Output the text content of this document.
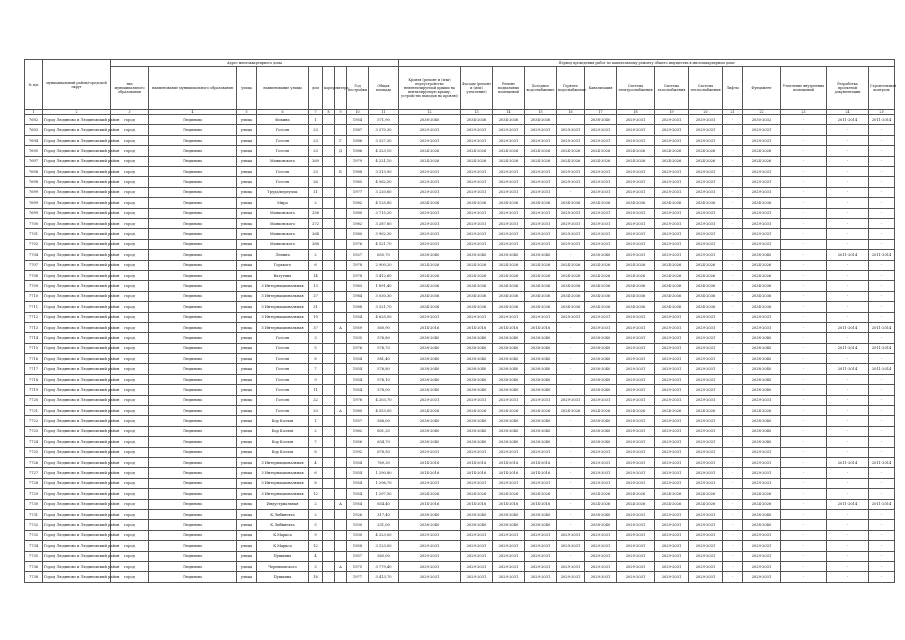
№ п/п	муниципальный район/городской округ	Адрес многоквартирного дома									Период проведения работ по капитальному ремонту общего имущества в многоквартирном доме													
		тип муниципального образования	наименование муниципального образования	улица	наименование улицы	дом	корпус	литера	Год постройки	Общая площадь	Кровля (ремонт и (или) переустройство невентилируемой крыши на вентилируемую крышу, устройство выходов на кровлю)	Фасады (ремонт и (или) утепление)	Ремонт подвальных помещений	Холодное водоснабжение	Горячее водоснабжение	Канализация	Система электроснабжения	Система газоснабжения	Система теплоснабжения	Лифты	Фундамент	Утепление внутренних помещений	Разработка проектной документации	Строительный контроль
1	2	3	4	5	6	7	8	9	10	11	12	13	14	15	16	17	18	19	20	21	22	23	24	25
7692	Город Людиново и Людиновский район	город	Людиново	улица	Фокина	1			1954	571,90	2038-2040	2034-2036	2034-2036	2034-2036	-	2038-2040	2029-2031	2029-2031	2029-2031	-	2030-2032	-	2011-2014	2011-2014
7693	Город Людиново и Людиновский район	город	Людиново	улица	Гоголя	23			1987	3 370,30	2029-2031	2029-2031	2029-2031	2029-2031	2029-2031	2029-2031	2029-2031	2029-2031	2029-2031	-	2029-2031	-	-	-
7694	Город Людиново и Людиновский район	город	Людиново	улица	Гоголя	23		Г	1986	3 327,30	2029-2031	2029-2031	2029-2031	2029-2031	2029-2031	2029-2031	2029-2031	2029-2031	2029-2031	-	2029-2031	-	-	-
7695	Город Людиново и Людиновский район	город	Людиново	улица	Гоголя	23		Д	1986	4 323,10	2024-2026	2024-2026	2024-2026	2024-2026	2024-2026	2024-2026	2024-2026	2024-2026	2024-2026	-	2024-2026	-	-	-
7697	Город Людиново и Людиновский район	город	Людиново	улица	Маяковского	269			1979	4 221,10	2024-2026	2024-2026	2024-2026	2024-2026	2024-2026	2024-2026	2024-2026	2024-2026	2024-2026	-	2024-2026	-	-	-
7698	Город Людиново и Людиновский район	город	Людиново	улица	Гоголя	23		Б	1988	3 313,90	2029-2031	2029-2031	2029-2031	2029-2031	2029-2031	2029-2031	2029-2031	2029-2031	2029-2031	-	2029-2031	-	-	-
7698	Город Людиново и Людиновский район	город	Людиново	улица	Гоголя	26			1985	4 062,50	2029-2031	2029-2031	2029-2031	2029-2031	2029-2031	2029-2031	2029-2031	2029-2031	2029-2031	-	2029-2031	-	-	-
7699	Город Людиново и Людиновский район	город	Людиново	улица	Труда/переулок	11			1977	3 220,80	2029-2031	2029-2031	2029-2031	2029-2031	-	2029-2031	2029-2031	2029-2031	2029-2031	-	2029-2031	-	-	-
7699	Город Людиново и Людиновский район	город	Людиново	улица	Мира	2			1982	4 125,80	2034-2036	2034-2036	2034-2036	2034-2036	2034-2036	2034-2036	2034-2036	2034-2036	2034-2036	-	2034-2036	-	-	-
7699	Город Людиново и Людиновский район	город	Людиново	улица	Маяковского	256			1980	3 715,20	2029-2031	2029-2031	2029-2031	2029-2031	2029-2031	2029-2031	2029-2031	2029-2031	2029-2031	-	2029-2031	-	-	-
7700	Город Людиново и Людиновский район	город	Людиново	улица	Маяковского	272			1982	3 287,80	2029-2031	2029-2031	2029-2031	2029-2031	2029-2031	2029-2031	2029-2031	2029-2031	2029-2031	-	2029-2031	-	-	-
7701	Город Людиново и Людиновский район	город	Людиново	улица	Маяковского	264			1980	3 902,30	2029-2031	2029-2031	2029-2031	2029-2031	2029-2031	2029-2031	2029-2031	2029-2031	2029-2031	-	2029-2031	-	-	-
7702	Город Людиново и Людиновский район	город	Людиново	улица	Маяковского	288			1976	4 521,70	2029-2031	2029-2031	2029-2031	2029-2031	2029-2031	2029-2031	2029-2031	2029-2031	2029-2031	-	2029-2031	-	-	-
7704	Город Людиново и Людиновский район	город	Людиново	улица	Ленина	2			1927	655,70	2038-2040	2038-2040	2038-2040	2038-2040	-	2038-2040	2029-2031	2029-2031	2029-2031	-	2038-2040	-	2011-2014	2011-2014
7707	Город Людиново и Людиновский район	город	Людиново	улица	Горького	6			1978	2 900,20	2024-2026	2024-2026	2024-2026	2024-2026	2024-2026	2024-2026	2024-2026	2024-2026	2024-2026	-	2024-2026	-	-	-
7708	Город Людиново и Людиновский район	город	Людиново	улица	Ватутина	14			1978	3 412,60	2024-2026	2024-2026	2024-2026	2024-2026	2024-2026	2024-2026	2024-2026	2024-2026	2024-2026	-	2024-2026	-	-	-
7709	Город Людиново и Людиновский район	город	Людиново	улица	3 Интернациональная	13			1983	1 891,40	2034-2036	2034-2036	2034-2036	2034-2036	2034-2036	2034-2036	2034-2036	2034-2036	2034-2036	-	2034-2036	-	-	-
7710	Город Людиново и Людиновский район	город	Людиново	улица	3 Интернациональная	27			1984	3 030,30	2034-2036	2034-2036	2034-2036	2034-2036	2034-2036	2034-2036	2034-2036	2034-2036	2034-2036	-	2034-2036	-	-	-
7711	Город Людиново и Людиновский район	город	Людиново	улица	3 Интернациональная	31			1988	3 321,70	2034-2036	2034-2036	2034-2036	2034-2036	2034-2036	2034-2036	2034-2036	2034-2036	2034-2036	-	2034-2036	-	-	-
7712	Город Людиново и Людиновский район	город	Людиново	улица	3 Интернациональная	19			1954	4 625,00	2029-2031	2029-2031	2029-2031	2029-2031	2029-2031	2029-2031	2029-2031	2029-2031	2029-2031	-	2029-2031	-	-	-
7713	Город Людиново и Людиновский район	город	Людиново	улица	3 Интернациональная	37		А	1959	560,90	2014-2016	2014-2016	2014-2016	2014-2016	-	2029-2031	2029-2031	2029-2031	2029-2031	-	2029-2031	-	2011-2014	2011-2014
7714	Город Людиново и Людиновский район	город	Людиново	улица	Гоголя	3			1935	576,80	2038-2040	2038-2040	2038-2040	2038-2040	-	2038-2040	2029-2031	2029-2031	2029-2031	-	2038-2040	-	-	-
7715	Город Людиново и Людиновский район	город	Людиново	улица	Гоголя	5			1976	576,70	2038-2040	2038-2040	2038-2040	2038-2040	-	2038-2040	2029-2031	2029-2031	2029-2031	-	2038-2040	-	2011-2014	2011-2014
7716	Город Людиново и Людиновский район	город	Людиново	улица	Гоголя	8			1954	581,40	2038-2040	2038-2040	2038-2040	2038-2040	-	2038-2040	2029-2031	2029-2031	2029-2031	-	2038-2040	-	-	-
7717	Город Людиново и Людиновский район	город	Людиново	улица	Гоголя	7			1954	576,80	2038-2040	2038-2040	2038-2040	2038-2040	-	2038-2040	2029-2031	2029-2031	2029-2031	-	2038-2040	-	2011-2014	2011-2014
7718	Город Людиново и Людиновский район	город	Людиново	улица	Гоголя	9			1954	576,10	2038-2040	2038-2040	2038-2040	2038-2040	-	2038-2040	2029-2031	2029-2031	2029-2031	-	2038-2040	-	-	-
7719	Город Людиново и Людиновский район	город	Людиново	улица	Гоголя	11			1954	578,00	2038-2040	2038-2040	2038-2040	2038-2040	-	2038-2040	2029-2031	2029-2031	2029-2031	-	2038-2040	-	-	-
7720	Город Людиново и Людиновский район	город	Людиново	улица	Гоголя	22			1978	4 203,70	2029-2031	2029-2031	2029-2031	2029-2031	2029-2031	2029-2031	2029-2031	2029-2031	2029-2031	-	2029-2031	-	-	-
7721	Город Людиново и Людиновский район	город	Людиново	улица	Гоголя	20		А	1980	4 553,00	2024-2026	2024-2026	2024-2026	2024-2026	2024-2026	2024-2026	2024-2026	2024-2026	2024-2026	-	2024-2026	-	-	-
7722	Город Людиново и Людиновский район	город	Людиново	улица	Бор Козлов	1			1957	566,00	2038-2040	2038-2040	2038-2040	2038-2040	-	2038-2040	2029-2031	2029-2031	2029-2031	-	2038-2040	-	-	-
7723	Город Людиново и Людиновский район	город	Людиново	улица	Бор Козлов	2			1962	801,20	2038-2040	2038-2040	2038-2040	2038-2040	-	2038-2040	2029-2031	2029-2031	2029-2031	-	2038-2040	-	-	-
7724	Город Людиново и Людиновский район	город	Людиново	улица	Бор Козлов	7			1956	654,70	2038-2040	2038-2040	2038-2040	2038-2040	-	2038-2040	2029-2031	2029-2031	2029-2031	-	2038-2040	-	-	-
7725	Город Людиново и Людиновский район	город	Людиново	улица	Бор Козлов	8			1992	678,50	2029-2031	2029-2031	2029-2031	2029-2031	-	2029-2031	2029-2031	2029-2031	2029-2031	-	2029-2031	-	-	-
7726	Город Людиново и Людиновский район	город	Людиново	улица	3 Интернациональная	4			1954	769,30	2014-2016	2014-2016	2014-2016	2014-2016	-	2029-2031	2029-2031	2029-2031	2029-2031	-	2029-2031	-	2011-2014	2011-2014
7727	Город Людиново и Людиновский район	город	Людиново	улица	3 Интернациональная	6			1954	1 290,80	2014-2016	2014-2016	2014-2016	2014-2016	-	2029-2031	2029-2031	2029-2031	2029-2031	-	2029-2031	-	-	-
7728	Город Людиново и Людиновский район	город	Людиново	улица	3 Интернациональная	8			1954	1 296,70	2029-2031	2029-2031	2029-2031	2029-2031	-	2029-2031	2029-2031	2029-2031	2029-2031	-	2029-2031	-	-	-
7729	Город Людиново и Людиновский район	город	Людиново	улица	3 Интернациональная	12			1954	1 297,50	2024-2026	2024-2026	2024-2026	2024-2026	-	2024-2026	2024-2026	2024-2026	2024-2026	-	2024-2026	-	-	-
7730	Город Людиново и Людиновский район	город	Людиново	улица	Индустриальная	2		А	1954	654,40	2014-2016	2014-2016	2014-2016	2014-2016	-	2024-2026	2024-2026	2024-2026	2024-2026	-	2024-2026	-	2011-2014	2011-2014
7731	Город Людиново и Людиновский район	город	Людиново	улица	К.Либкнехта	2			1926	317,40	2038-2040	2038-2040	2038-2040	2038-2040	-	2038-2040	2029-2031	2029-2031	2029-2031	-	2038-2040	-	-	-
7732	Город Людиново и Людиновский район	город	Людиново	улица	К.Либкнехта	5			1930	231,00	2038-2040	2038-2040	2038-2040	2038-2040	-	2038-2040	2029-2031	2029-2031	2029-2031	-	2038-2040	-	-	-
7733	Город Людиново и Людиновский район	город	Людиново	улица	К.Маркса	9			1930	4 323,00	2029-2031	2029-2031	2029-2031	2029-2031	2029-2031	2029-2031	2029-2031	2029-2031	2029-2031	-	2029-2031	-	-	-
7734	Город Людиново и Людиновский район	город	Людиново	улица	К.Маркса	12			1958	3 123,00	2029-2031	2029-2031	2029-2031	2029-2031	2029-2031	2029-2031	2029-2031	2029-2031	2029-2031	-	2029-2031	-	-	-
7735	Город Людиново и Людиновский район	город	Людиново	улица	Пушкина	4			1957	565,00	2029-2031	2029-2031	2029-2031	2029-2031	-	2029-2031	2029-2031	2029-2031	2029-2031	-	2029-2031	-	-	-
7736	Город Людиново и Людиновский район	город	Людиново	улица	Черняховского	3		А	1975	3 779,40	2029-2031	2029-2031	2029-2031	2029-2031	2029-2031	2029-2031	2029-2031	2029-2031	2029-2031	-	2029-2031	-	-	-
7738	Город Людиново и Людиновский район	город	Людиново	улица	Пушкина	18			1977	3 413,70	2029-2031	2029-2031	2029-2031	2029-2031	2029-2031	2029-2031	2029-2031	2029-2031	2029-2031	-	2029-2031	-	-	-
